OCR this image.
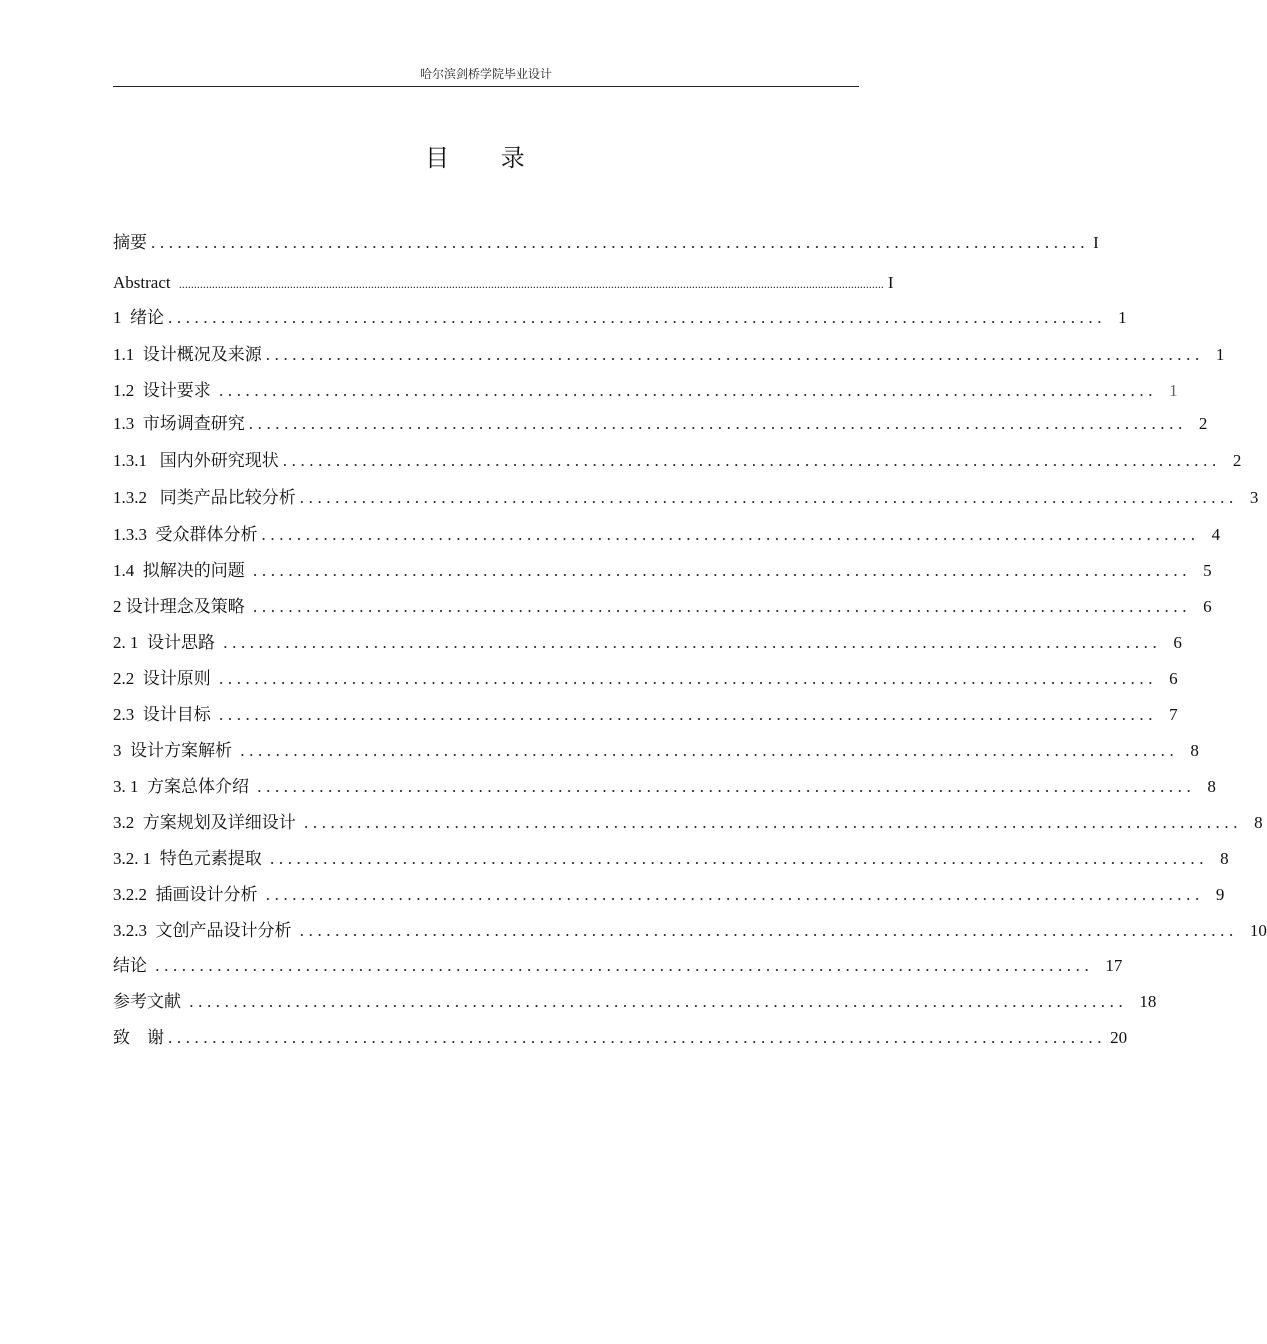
哈尔滨剑桥学院毕业设计
目 录
摘要 .......................................................................................................... I
Abstract ........................................................................................................................................................................................................................................... I
1  绪论 .......................................................................................................... 1
1.1  设计概况及来源 .......................................................................................................... 1
1.2  设计要求 .......................................................................................................... 1
1.3  市场调查研究 .......................................................................................................... 2
1.3.1   国内外研究现状 .......................................................................................................... 2
1.3.2   同类产品比较分析 .......................................................................................................... 3
1.3.3  受众群体分析 .......................................................................................................... 4
1.4  拟解决的问题 .......................................................................................................... 5
2 设计理念及策略 .......................................................................................................... 6
2. 1  设计思路 .......................................................................................................... 6
2.2  设计原则 .......................................................................................................... 6
2.3  设计目标 .......................................................................................................... 7
3  设计方案解析 .......................................................................................................... 8
3. 1  方案总体介绍 .......................................................................................................... 8
3.2  方案规划及详细设计 .......................................................................................................... 8
3.2. 1  特色元素提取 .......................................................................................................... 8
3.2.2  插画设计分析 .......................................................................................................... 9
3.2.3  文创产品设计分析 .......................................................................................................... 10
结论 .......................................................................................................... 17
参考文献 .......................................................................................................... 18
致    谢 .......................................................................................................... 20
